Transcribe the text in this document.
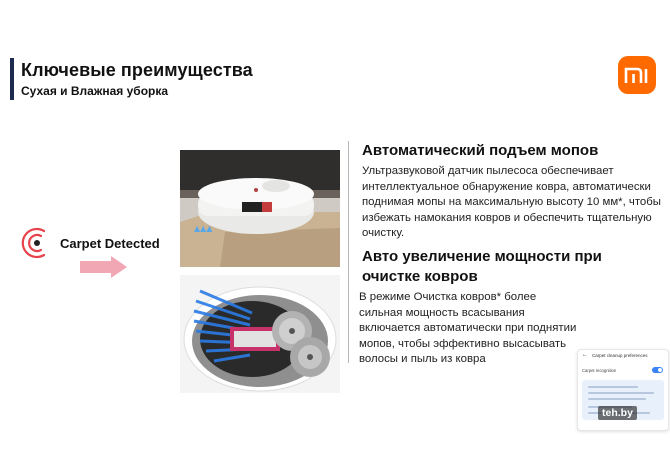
Ключевые преимущества
Сухая и Влажная уборка
Carpet Detected
▲▲▲
Автоматический подъем мопов
Ультразвуковой датчик пылесоса обеспечивает интеллектуальное обнаружение ковра, автоматически поднимая мопы на максимальную высоту 10 мм*, чтобы избежать намокания ковров и обеспечить тщательную очистку.
Авто увеличение мощности при очистке ковров
В режиме Очистка ковров* более сильная мощность всасывания включается автоматически при поднятии мопов, чтобы эффективно высасывать волосы и пыль из ковра	← Carpet cleanup preferences
Carpet recognition
teh.by
